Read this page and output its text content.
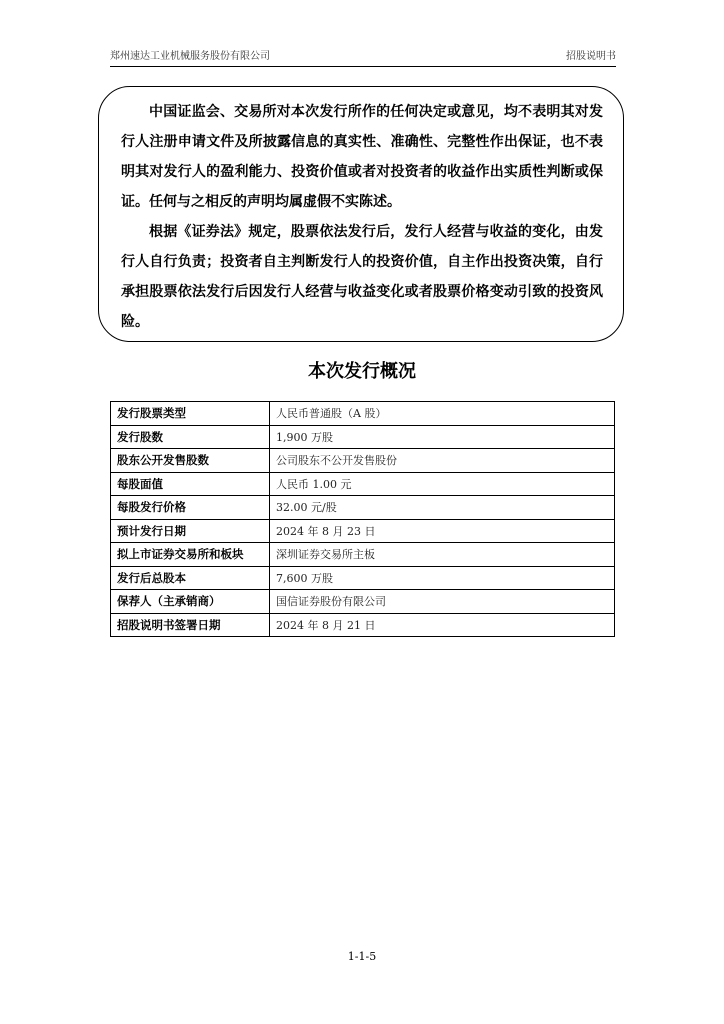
郑州速达工业机械服务股份有限公司	招股说明书

中国证监会、交易所对本次发行所作的任何决定或意见，均不表明其对发行人注册申请文件及所披露信息的真实性、准确性、完整性作出保证，也不表明其对发行人的盈利能力、投资价值或者对投资者的收益作出实质性判断或保证。任何与之相反的声明均属虚假不实陈述。

根据《证券法》规定，股票依法发行后，发行人经营与收益的变化，由发行人自行负责；投资者自主判断发行人的投资价值，自主作出投资决策，自行承担股票依法发行后因发行人经营与收益变化或者股票价格变动引致的投资风险。

本次发行概况
发行股票类型	人民币普通股（A 股）
发行股数	1,900 万股
股东公开发售股数	公司股东不公开发售股份
每股面值	人民币 1.00 元
每股发行价格	32.00 元/股
预计发行日期	2024 年 8 月 23 日
拟上市证券交易所和板块	深圳证券交易所主板
发行后总股本	7,600 万股
保荐人（主承销商）	国信证券股份有限公司
招股说明书签署日期	2024 年 8 月 21 日
1-1-5
